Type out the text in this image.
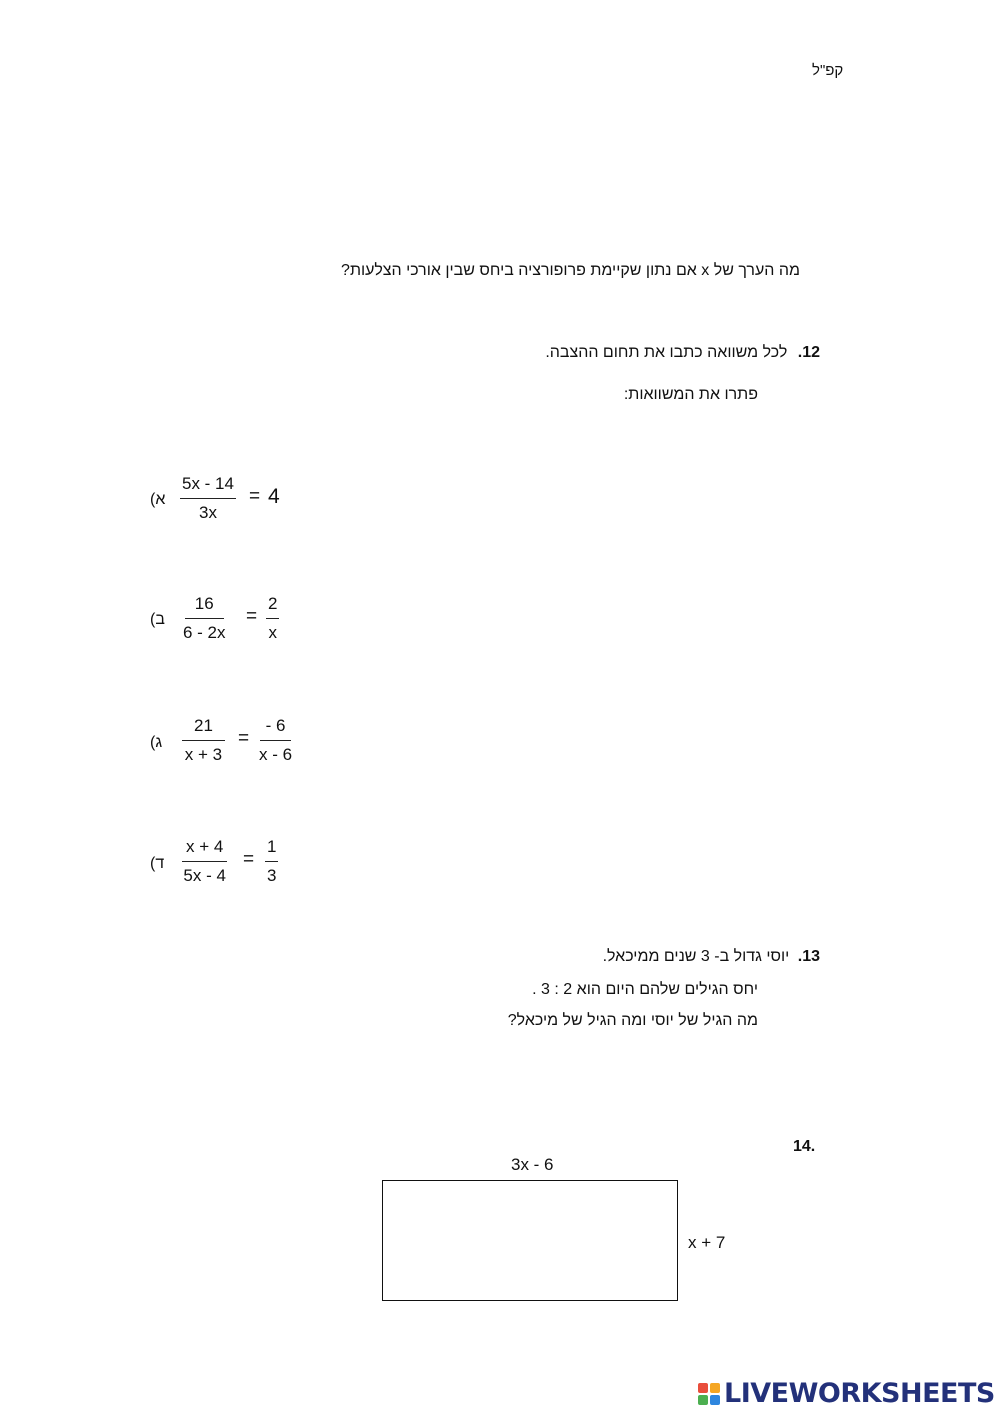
קפ"ל
מה הערך של x אם נתון שקיימת פרופורציה ביחס שבין אורכי הצלעות?
12. לכל משוואה כתבו את תחום ההצבה.
פתרו את המשוואות:
א) $\frac{5x - 14}{3x} = 4$
ב) $\frac{16}{6 - 2x} = \frac{2}{x}$
ג) $\frac{21}{x + 3} = \frac{- 6}{x - 6}$
ד) $\frac{x + 4}{5x - 4} = \frac{1}{3}$
13. יוסי גדול ב- 3 שנים ממיכאל.
יחס הגילים שלהם היום הוא 2 : 3 .
מה הגיל של יוסי ומה הגיל של מיכאל?
14.
3x - 6
x + 7
LIVEWORKSHEETS
